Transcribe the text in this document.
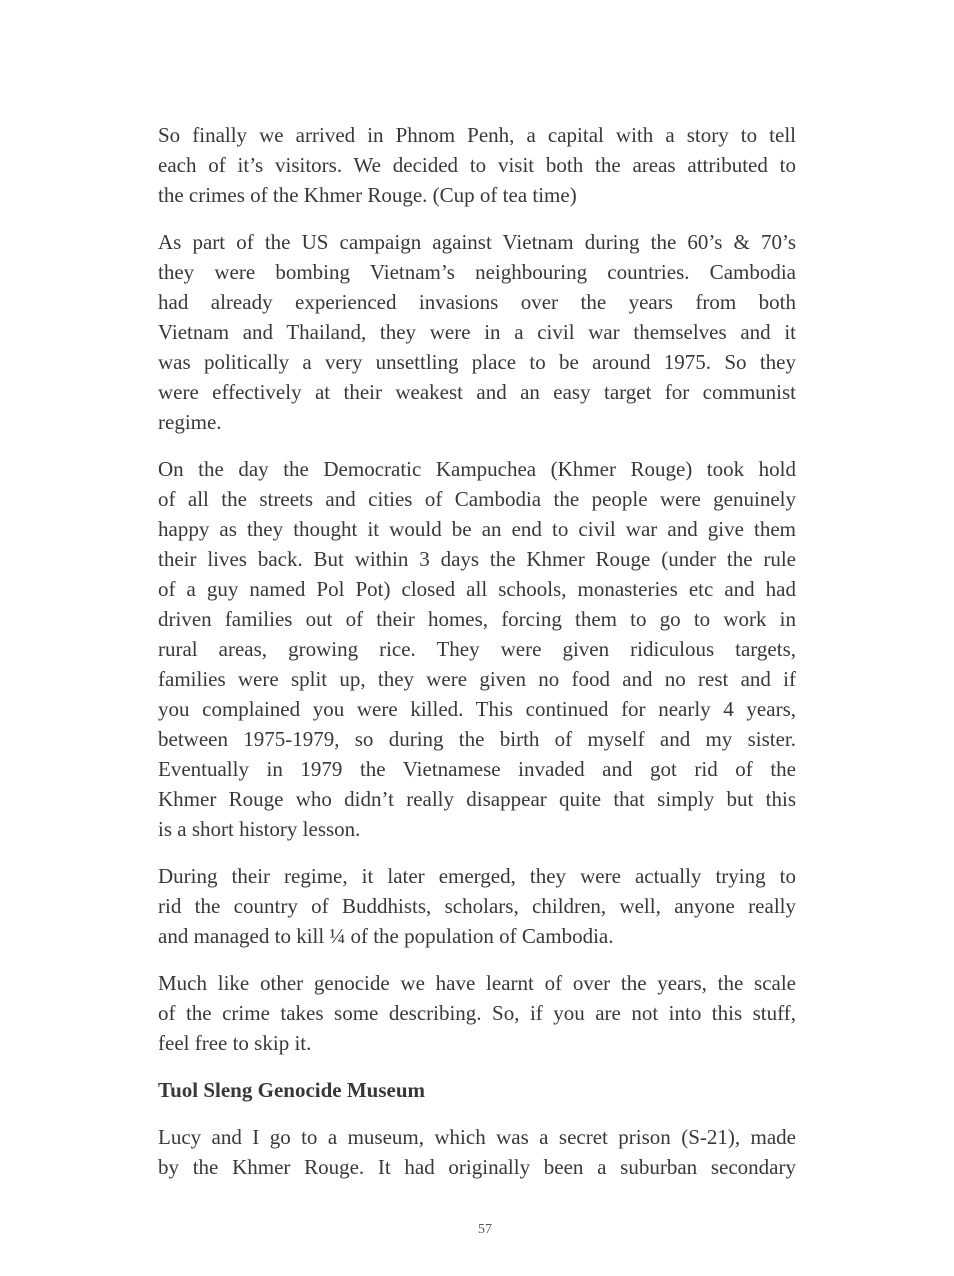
So finally we arrived in Phnom Penh, a capital with a story to tell
each of it’s visitors. We decided to visit both the areas attributed to
the crimes of the Khmer Rouge. (Cup of tea time)
As part of the US campaign against Vietnam during the 60’s & 70’s
they were bombing Vietnam’s neighbouring countries. Cambodia
had already experienced invasions over the years from both
Vietnam and Thailand, they were in a civil war themselves and it
was politically a very unsettling place to be around 1975. So they
were effectively at their weakest and an easy target for communist
regime.
On the day the Democratic Kampuchea (Khmer Rouge) took hold
of all the streets and cities of Cambodia the people were genuinely
happy as they thought it would be an end to civil war and give them
their lives back. But within 3 days the Khmer Rouge (under the rule
of a guy named Pol Pot) closed all schools, monasteries etc and had
driven families out of their homes, forcing them to go to work in
rural areas, growing rice. They were given ridiculous targets,
families were split up, they were given no food and no rest and if
you complained you were killed. This continued for nearly 4 years,
between 1975-1979, so during the birth of myself and my sister.
Eventually in 1979 the Vietnamese invaded and got rid of the
Khmer Rouge who didn’t really disappear quite that simply but this
is a short history lesson.
During their regime, it later emerged, they were actually trying to
rid the country of Buddhists, scholars, children, well, anyone really
and managed to kill ¼ of the population of Cambodia.
Much like other genocide we have learnt of over the years, the scale
of the crime takes some describing. So, if you are not into this stuff,
feel free to skip it.
Tuol Sleng Genocide Museum
Lucy and I go to a museum, which was a secret prison (S-21), made
by the Khmer Rouge. It had originally been a suburban secondary
57
